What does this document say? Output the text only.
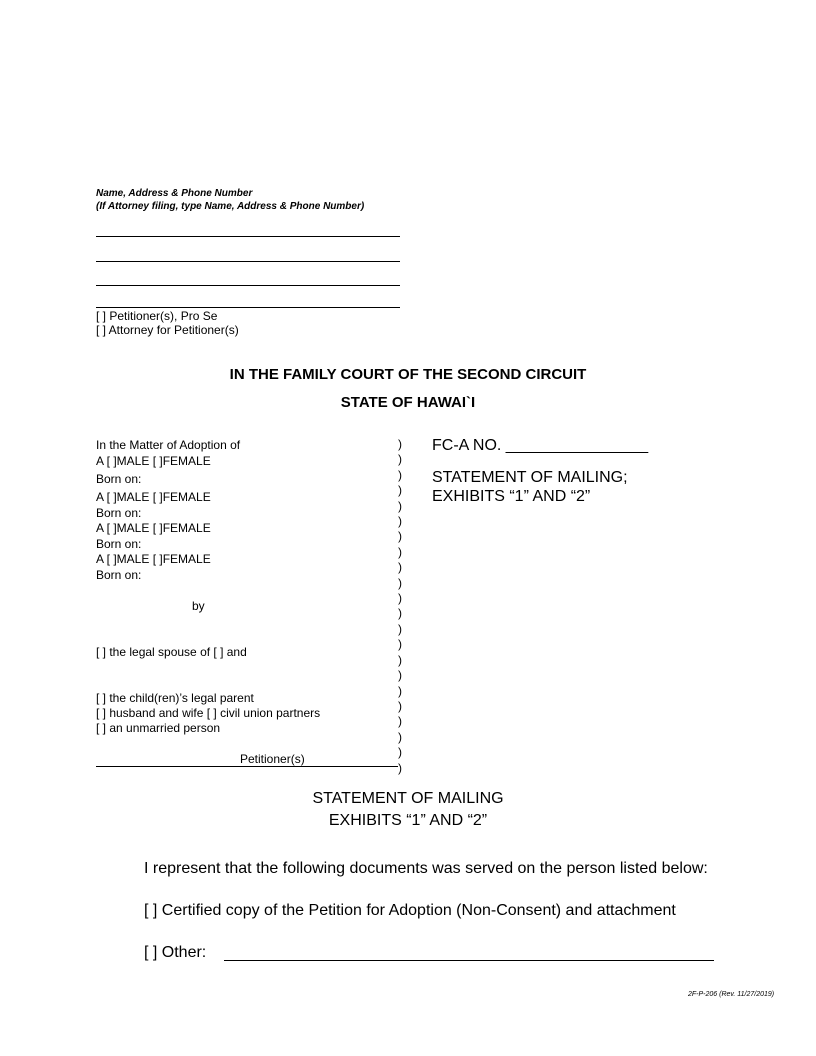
Name, Address & Phone Number
(If Attorney filing, type Name, Address & Phone Number)
[ ] Petitioner(s), Pro Se
[ ] Attorney for Petitioner(s)
IN THE FAMILY COURT OF THE SECOND CIRCUIT
STATE OF HAWAI`I
In the Matter of Adoption of
A [ ]MALE [ ]FEMALE
Born on:
A [ ]MALE [ ]FEMALE
Born on:
A [ ]MALE [ ]FEMALE
Born on:
A [ ]MALE [ ]FEMALE
Born on:
by
[ ] the legal spouse of [ ] and
[ ] the child(ren)’s legal parent
[ ] husband and wife [ ] civil union partners
[ ] an unmarried person
Petitioner(s)
)
)
)
)
)
)
)
)
)
)
)
)
)
)
)
)
)
)
)
)
)
)
FC-A NO. ________________
STATEMENT OF MAILING;
EXHIBITS “1” AND “2”
STATEMENT OF MAILING
EXHIBITS “1” AND “2”
I represent that the following documents was served on the person listed below:
[ ] Certified copy of the Petition for Adoption (Non-Consent) and attachment
[ ] Other:
2F-P-206 (Rev. 11/27/2019)
